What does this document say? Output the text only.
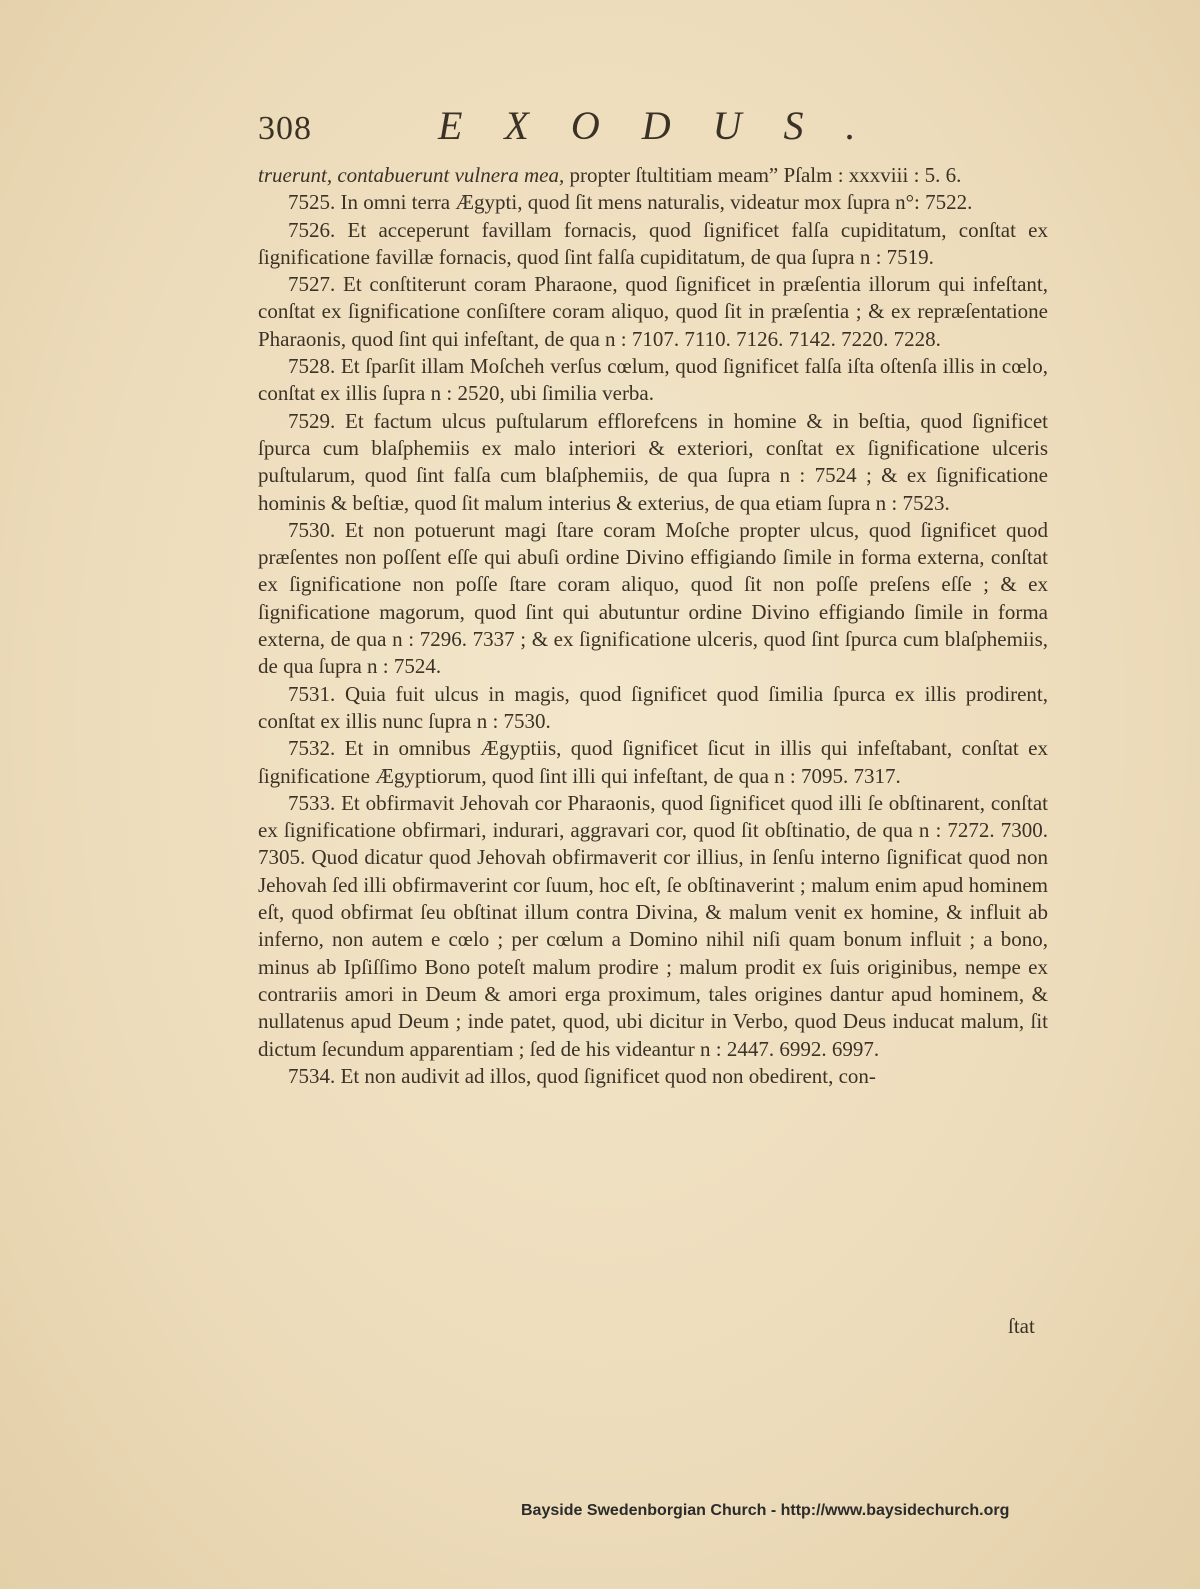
308	EXODUS.

truerunt, contabuerunt vulnera mea, propter ſtultitiam meam” Pſalm : xxxviii : 5. 6.

7525. In omni terra Ægypti, quod ſit mens naturalis, videatur mox ſupra n°: 7522.

7526. Et acceperunt favillam fornacis, quod ſignificet falſa cupiditatum, conſtat ex ſignificatione favillæ fornacis, quod ſint falſa cupiditatum, de qua ſupra n : 7519.

7527. Et conſtiterunt coram Pharaone, quod ſignificet in præſentia illorum qui infeſtant, conſtat ex ſignificatione conſiſtere coram aliquo, quod ſit in præſentia ; & ex repræſentatione Pharaonis, quod ſint qui infeſtant, de qua n : 7107. 7110. 7126. 7142. 7220. 7228.

7528. Et ſparſit illam Moſcheh verſus cœlum, quod ſignificet falſa iſta oſtenſa illis in cœlo, conſtat ex illis ſupra n : 2520, ubi ſimilia verba.

7529. Et factum ulcus puſtularum efflorefcens in homine & in beſtia, quod ſignificet ſpurca cum blaſphemiis ex malo interiori & exteriori, conſtat ex ſignificatione ulceris puſtularum, quod ſint falſa cum blaſphemiis, de qua ſupra n : 7524 ; & ex ſignificatione hominis & beſtiæ, quod ſit malum interius & exterius, de qua etiam ſupra n : 7523.

7530. Et non potuerunt magi ſtare coram Moſche propter ulcus, quod ſignificet quod præſentes non poſſent eſſe qui abuſi ordine Divino effigiando ſimile in forma externa, conſtat ex ſignificatione non poſſe ſtare coram aliquo, quod ſit non poſſe preſens eſſe ; & ex ſignificatione magorum, quod ſint qui abutuntur ordine Divino effigiando ſimile in forma externa, de qua n : 7296. 7337 ; & ex ſignificatione ulceris, quod ſint ſpurca cum blaſphemiis, de qua ſupra n : 7524.

7531. Quia fuit ulcus in magis, quod ſignificet quod ſimilia ſpurca ex illis prodirent, conſtat ex illis nunc ſupra n : 7530.

7532. Et in omnibus Ægyptiis, quod ſignificet ſicut in illis qui infeſtabant, conſtat ex ſignificatione Ægyptiorum, quod ſint illi qui infeſtant, de qua n : 7095. 7317.

7533. Et obfirmavit Jehovah cor Pharaonis, quod ſignificet quod illi ſe obſtinarent, conſtat ex ſignificatione obfirmari, indurari, aggravari cor, quod ſit obſtinatio, de qua n : 7272. 7300. 7305. Quod dicatur quod Jehovah obfirmaverit cor illius, in ſenſu interno ſignificat quod non Jehovah ſed illi obfirmaverint cor ſuum, hoc eſt, ſe obſtinaverint ; malum enim apud hominem eſt, quod obfirmat ſeu obſtinat illum contra Divina, & malum venit ex homine, & influit ab inferno, non autem e cœlo ; per cœlum a Domino nihil niſi quam bonum influit ; a bono, minus ab Ipſiſſimo Bono poteſt malum prodire ; malum prodit ex ſuis originibus, nempe ex contrariis amori in Deum & amori erga proximum, tales origines dantur apud hominem, & nullatenus apud Deum ; inde patet, quod, ubi dicitur in Verbo, quod Deus inducat malum, ſit dictum ſecundum apparentiam ; ſed de his videantur n : 2447. 6992. 6997.

7534. Et non audivit ad illos, quod ſignificet quod non obedirent, con-

ſtat
Bayside Swedenborgian Church - http://www.baysidechurch.org
